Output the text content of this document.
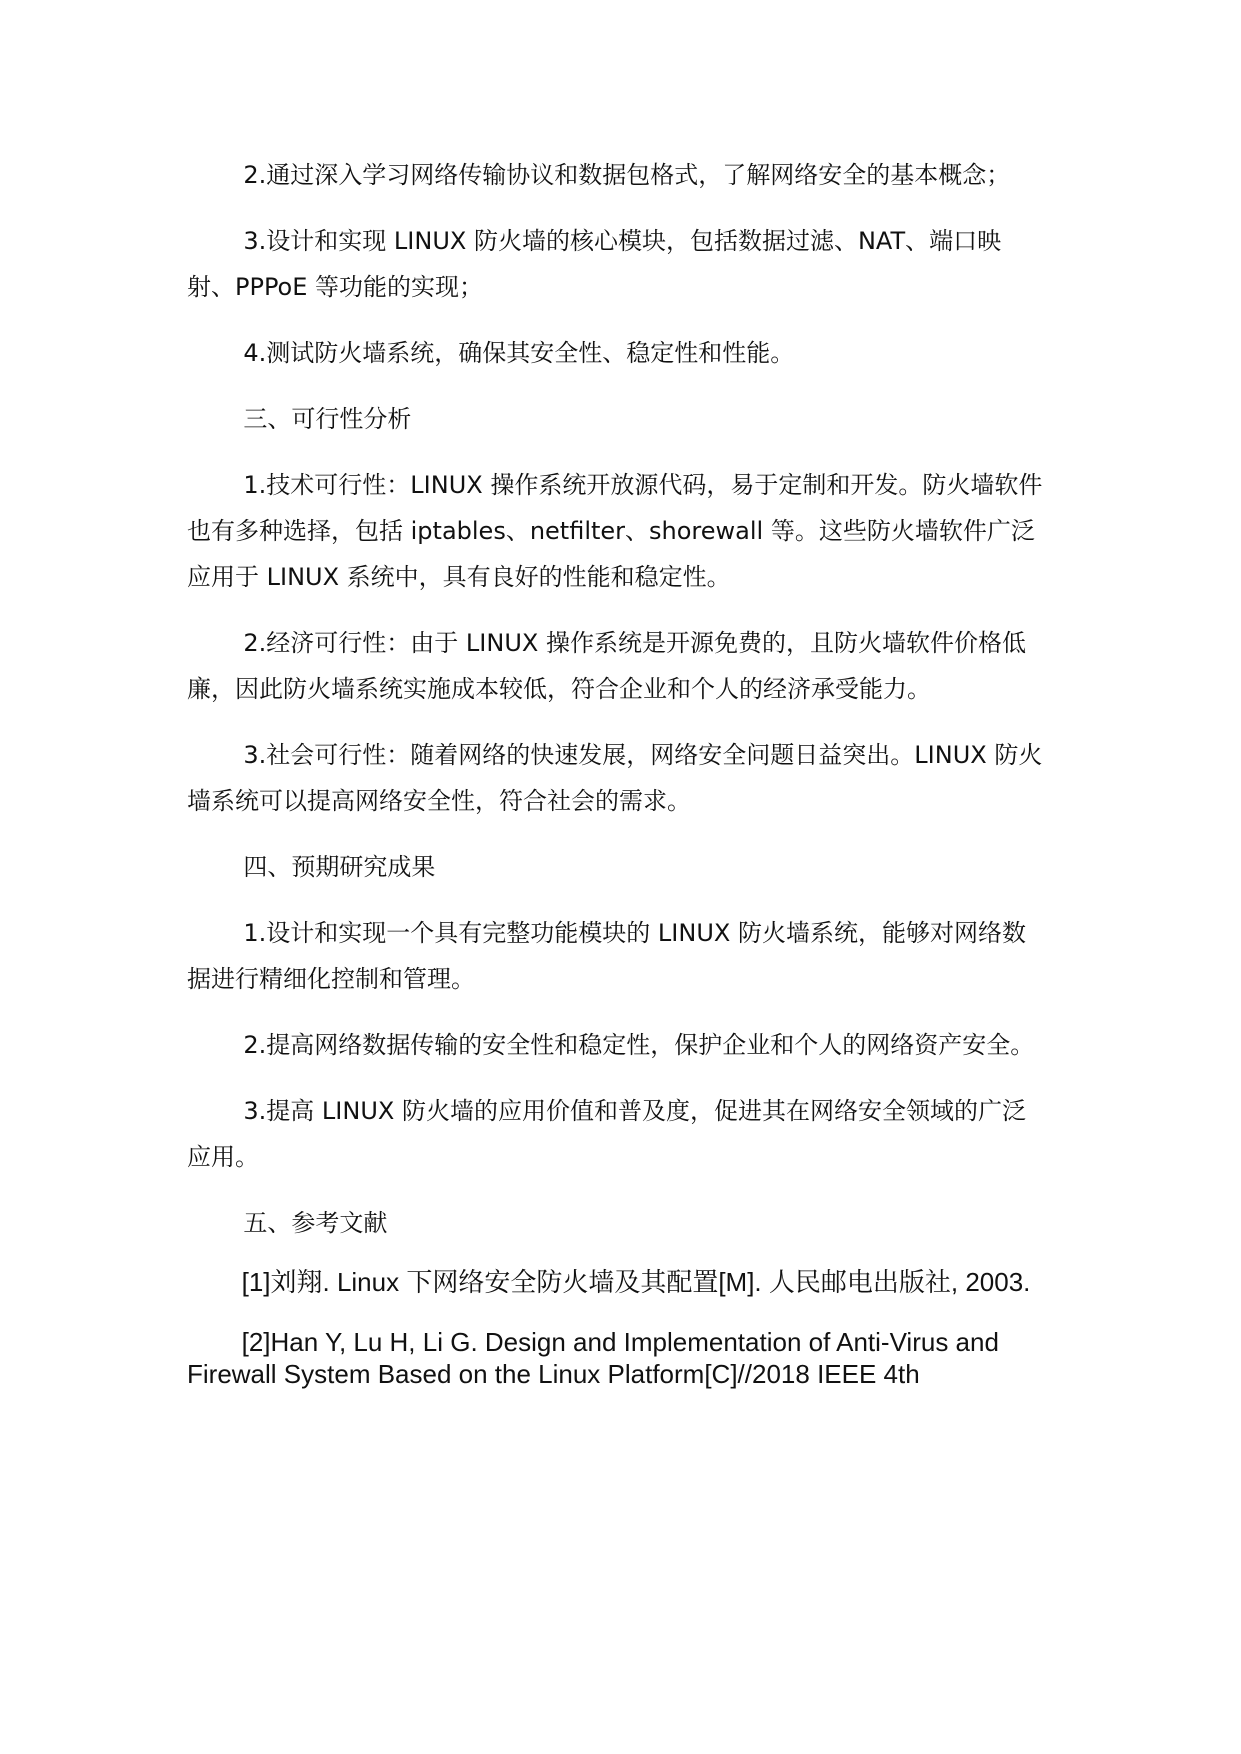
2.通过深入学习网络传输协议和数据包格式，了解网络安全的基本概念；

3.设计和实现 LINUX 防火墙的核心模块，包括数据过滤、NAT、端口映射、PPPoE 等功能的实现；

4.测试防火墙系统，确保其安全性、稳定性和性能。

三、可行性分析

1.技术可行性：LINUX 操作系统开放源代码，易于定制和开发。防火墙软件也有多种选择，包括 iptables、netfilter、shorewall 等。这些防火墙软件广泛应用于 LINUX 系统中，具有良好的性能和稳定性。

2.经济可行性：由于 LINUX 操作系统是开源免费的，且防火墙软件价格低廉，因此防火墙系统实施成本较低，符合企业和个人的经济承受能力。

3.社会可行性：随着网络的快速发展，网络安全问题日益突出。LINUX 防火墙系统可以提高网络安全性，符合社会的需求。

四、预期研究成果

1.设计和实现一个具有完整功能模块的 LINUX 防火墙系统，能够对网络数据进行精细化控制和管理。

2.提高网络数据传输的安全性和稳定性，保护企业和个人的网络资产安全。

3.提高 LINUX 防火墙的应用价值和普及度，促进其在网络安全领域的广泛应用。

五、参考文献

[1]刘翔. Linux 下网络安全防火墙及其配置[M]. 人民邮电出版社, 2003.

[2]Han Y, Lu H, Li G. Design and Implementation of Anti-Virus and Firewall System Based on the Linux Platform[C]//2018 IEEE 4th
